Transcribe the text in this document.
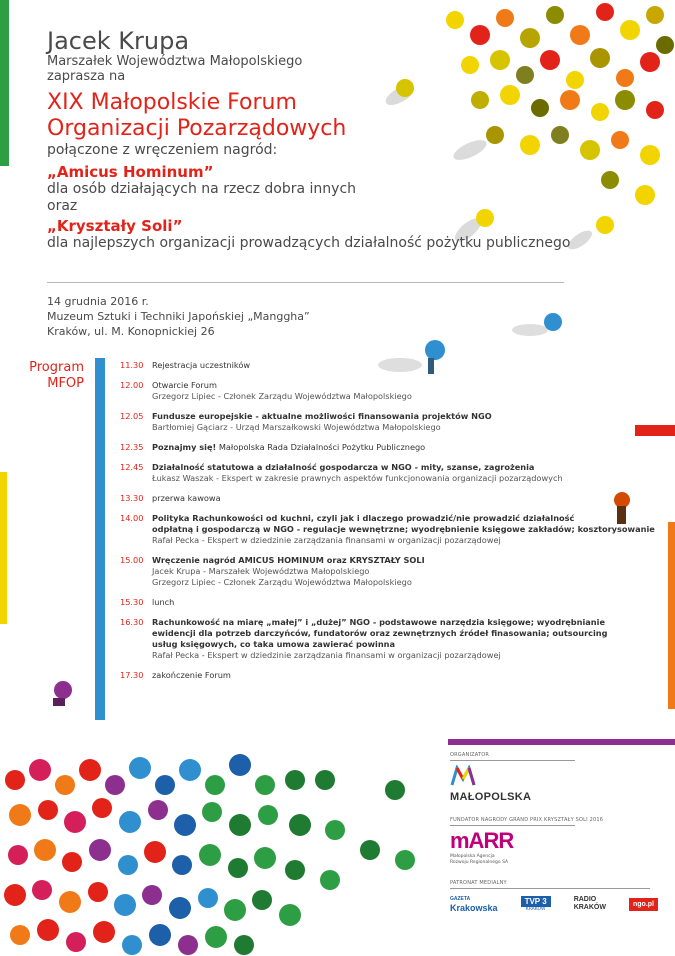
Jacek Krupa
Marszałek Województwa Małopolskiego
zaprasza na
XIX Małopolskie Forum
Organizacji Pozarządowych
połączone z wręczeniem nagród:
„Amicus Hominum”
dla osób działających na rzecz dobra innych
oraz
„Kryształy Soli”
dla najlepszych organizacji prowadzących działalność pożytku publicznego
14 grudnia 2016 r.
Muzeum Sztuki i Techniki Japońskiej „Manggha”
Kraków, ul. M. Konopnickiej 26
Program
MFOP
11.30	Rejestracja uczestników
12.00	Otwarcie Forum
Grzegorz Lipiec - Członek Zarządu Województwa Małopolskiego
12.05	Fundusze europejskie - aktualne możliwości finansowania projektów NGO
Bartłomiej Gąciarz - Urząd Marszałkowski Województwa Małopolskiego
12.35	Poznajmy się! Małopolska Rada Działalności Pożytku Publicznego
12.45	Działalność statutowa a działalność gospodarcza w NGO - mity, szanse, zagrożenia
Łukasz Waszak - Ekspert w zakresie prawnych aspektów funkcjonowania organizacji pozarządowych
13.30	przerwa kawowa
14.00	Polityka Rachunkowości od kuchni, czyli jak i dlaczego prowadzić/nie prowadzić działalność
odpłatną i gospodarczą w NGO - regulacje wewnętrzne; wyodrębnienie księgowe zakładów; kosztorysowanie
Rafał Pecka - Ekspert w dziedzinie zarządzania finansami w organizacji pozarządowej
15.00	Wręczenie nagród AMICUS HOMINUM oraz KRYSZTAŁY SOLI
Jacek Krupa - Marszałek Województwa Małopolskiego
Grzegorz Lipiec - Członek Zarządu Województwa Małopolskiego
15.30	lunch
16.30	Rachunkowość na miarę „małej” i „dużej” NGO - podstawowe narzędzia księgowe; wyodrębnianie
ewidencji dla potrzeb darczyńców, fundatorów oraz zewnętrznych źródeł finasowania; outsourcing
usług księgowych, co taka umowa zawierać powinna
Rafał Pecka - Ekspert w dziedzinie zarządzania finansami w organizacji pozarządowej
17.30	zakończenie Forum
ORGANIZATOR
MAŁOPOLSKA
FUNDATOR NAGRODY GRAND PRIX KRYSZTAŁY SOLI 2016
mARR
Małopolska Agencja
Rozwoju Regionalnego SA
PATRONAT MEDIALNY
GAZETA
Krakowska
TVP 3
KRAKÓW
RADIO
KRAKÓW	ngo.pl
